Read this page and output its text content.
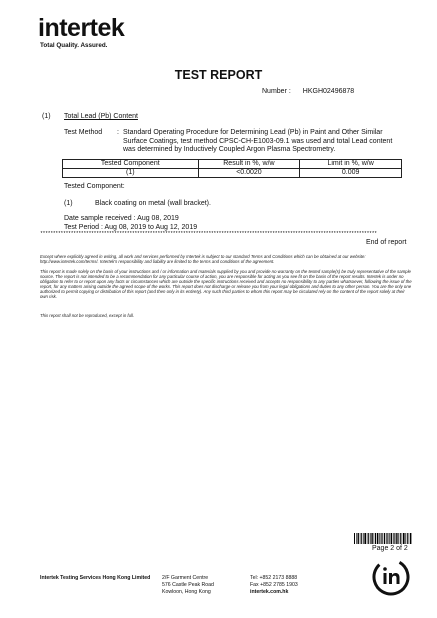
intertek
Total Quality. Assured.
TEST REPORT
Number : HKGH02496878
(1) Total Lead (Pb) Content
Test Method : Standard Operating Procedure for Determining Lead (Pb) in Paint and Other Similar Surface Coatings, test method CPSC-CH-E1003-09.1 was used and total Lead content was determined by Inductively Coupled Argon Plasma Spectrometry.
Tested Component	Result in %, w/w	Limit in %, w/w
(1)	<0.0020	0.009
Tested Component:
(1)	Black coating on metal (wall bracket).
Date sample received : Aug 08, 2019
Test Period : Aug 08, 2019 to Aug 12, 2019
************************************************************************************************************************************
End of report
Except where explicitly agreed in writing, all work and services performed by Intertek is subject to our standard Terms and Conditions which can be obtained at our website: http://www.intertek.com/terms/. Intertek's responsibility and liability are limited to the terms and conditions of the agreement.
This report is made solely on the basis of your instructions and / or information and materials supplied by you and provide no warranty on the tested sample(s) be truly representative of the sample source. The report is not intended to be a recommendation for any particular course of action, you are responsible for acting as you see fit on the basis of the report results. Intertek is under no obligation to refer to or report upon any facts or circumstances which are outside the specific instructions received and accepts no responsibility to any parties whatsoever, following the issue of the report, for any matters arising outside the agreed scope of the works. This report does not discharge or release you from your legal obligations and duties to any other person. You are the only one authorized to permit copying or distribution of this report (and then only in its entirety). Any such third parties to whom this report may be circulated rely on the content of the report solely at their own risk.
This report shall not be reproduced, except in full.
Page 2 of 2
Intertek Testing Services Hong Kong Limited 2/F Garment Centre
576 Castle Peak Road
Kowloon, Hong Kong
Tel: +852 2173 8888
Fax +852 2785 1903
intertek.com.hk
